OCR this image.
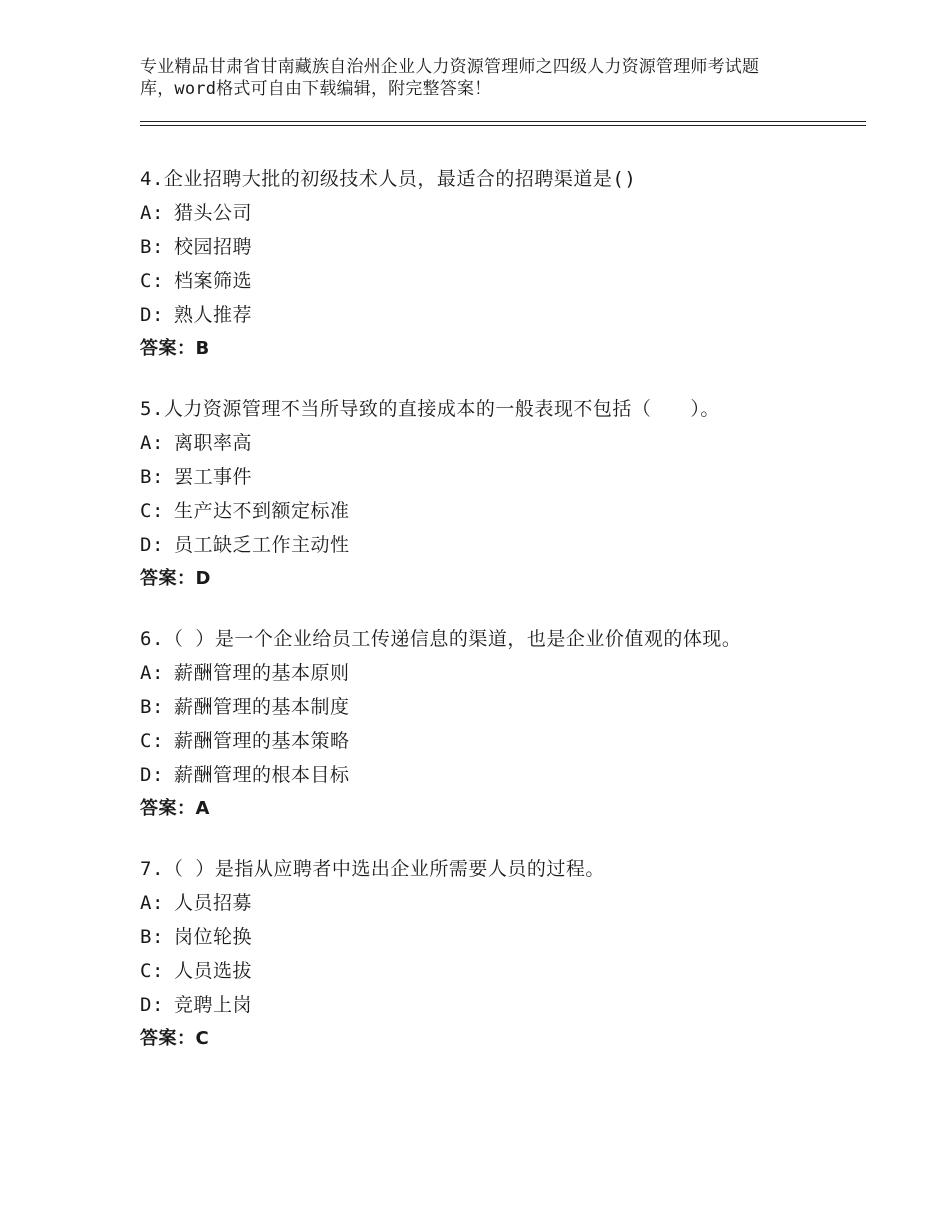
专业精品甘肃省甘南藏族自治州企业人力资源管理师之四级人力资源管理师考试题
库，word格式可自由下载编辑，附完整答案！
4.企业招聘大批的初级技术人员，最适合的招聘渠道是()
A: 猎头公司
B: 校园招聘
C: 档案筛选
D: 熟人推荐
答案：B
5.人力资源管理不当所导致的直接成本的一般表现不包括（　　）。
A: 离职率高
B: 罢工事件
C: 生产达不到额定标准
D: 员工缺乏工作主动性
答案：D
6.（ ）是一个企业给员工传递信息的渠道，也是企业价值观的体现。
A: 薪酬管理的基本原则
B: 薪酬管理的基本制度
C: 薪酬管理的基本策略
D: 薪酬管理的根本目标
答案：A
7.（ ）是指从应聘者中选出企业所需要人员的过程。
A: 人员招募
B: 岗位轮换
C: 人员选拔
D: 竞聘上岗
答案：C
